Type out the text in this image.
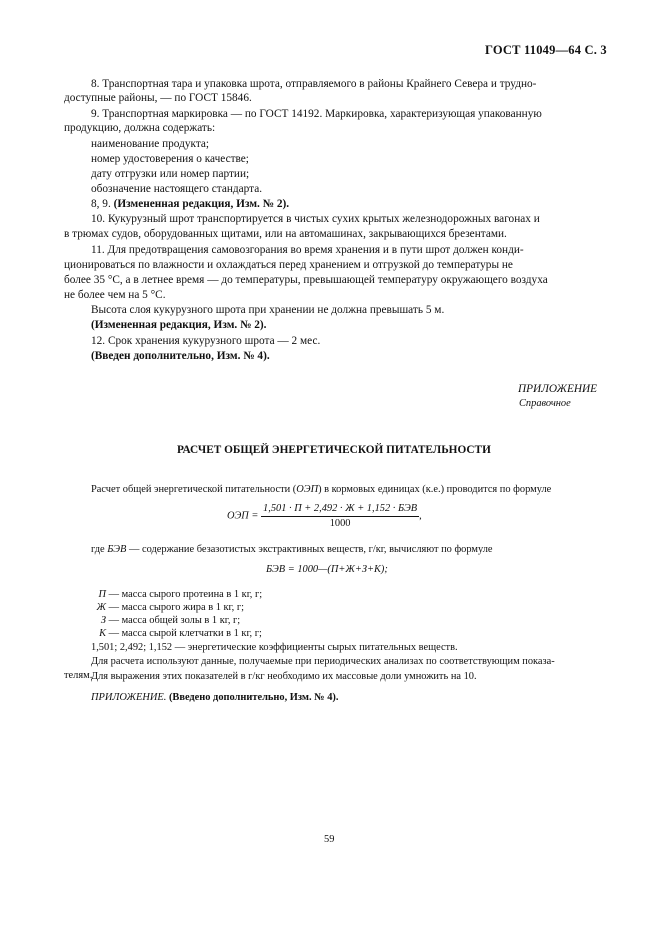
ГОСТ 11049—64 С. 3
8. Транспортная тара и упаковка шрота, отправляемого в районы Крайнего Севера и трудно-
доступные районы, — по ГОСТ 15846.
9. Транспортная маркировка — по ГОСТ 14192. Маркировка, характеризующая упакованную
продукцию, должна содержать:
наименование продукта;
номер удостоверения о качестве;
дату отгрузки или номер партии;
обозначение настоящего стандарта.
8, 9. (Измененная редакция, Изм. № 2).
10. Кукурузный шрот транспортируется в чистых сухих крытых железнодорожных вагонах и
в трюмах судов, оборудованных щитами, или на автомашинах, закрывающихся брезентами.
11. Для предотвращения самовозгорания во время хранения и в пути шрот должен конди-
ционироваться по влажности и охлаждаться перед хранением и отгрузкой до температуры не
более 35 °С, а в летнее время — до температуры, превышающей температуру окружающего воздуха
не более чем на 5 °С.
Высота слоя кукурузного шрота при хранении не должна превышать 5 м.
(Измененная редакция, Изм. № 2).
12. Срок хранения кукурузного шрота — 2 мес.
(Введен дополнительно, Изм. № 4).
ПРИЛОЖЕНИЕ
Справочное
РАСЧЕТ ОБЩЕЙ ЭНЕРГЕТИЧЕСКОЙ ПИТАТЕЛЬНОСТИ
Расчет общей энергетической питательности (ОЭП) в кормовых единицах (к.е.) проводится по формуле
ОЭП = $\frac{\text{1,501 · П + 2,492 · Ж + 1,152 · БЭВ}}{1000}$ ,
где БЭВ — содержание безазотистых экстрактивных веществ, г/кг, вычисляют по формуле
БЭВ = 1000—(П+Ж+З+К);
П — масса сырого протеина в 1 кг, г;
Ж — масса сырого жира в 1 кг, г;
З — масса общей золы в 1 кг, г;
К — масса сырой клетчатки в 1 кг, г;
1,501; 2,492; 1,152 — энергетические коэффициенты сырых питательных веществ.
Для расчета используют данные, получаемые при периодических анализах по соответствующим показа-
телям.
Для выражения этих показателей в г/кг необходимо их массовые доли умножить на 10.
ПРИЛОЖЕНИЕ. (Введено дополнительно, Изм. № 4).
59
